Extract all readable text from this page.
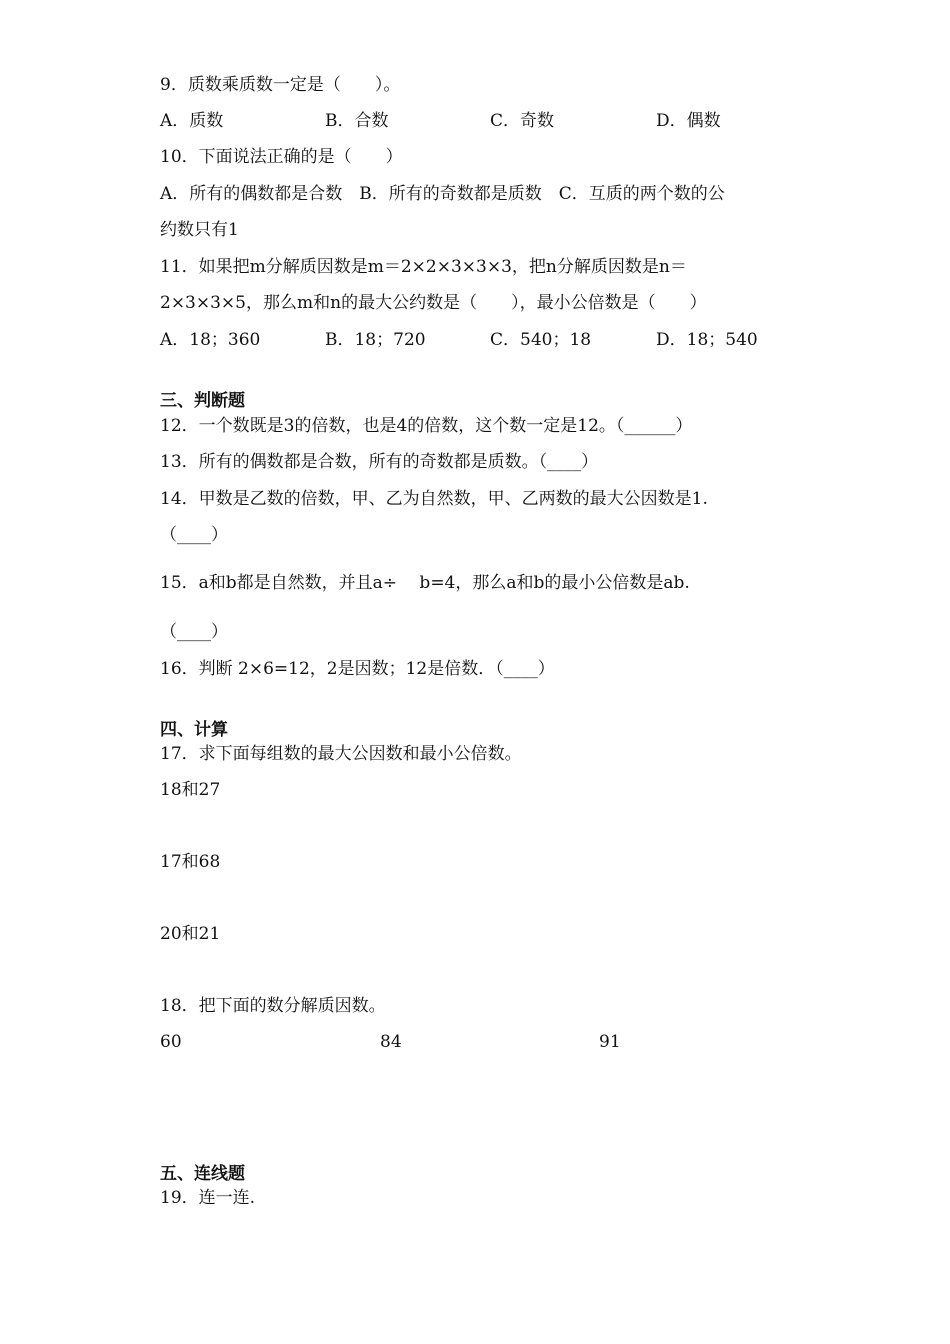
9．质数乘质数一定是（　　）。
A．质数	B．合数	C．奇数	D．偶数
10．下面说法正确的是（　　）
A．所有的偶数都是合数　B．所有的奇数都是质数　C．互质的两个数的公
约数只有1
11．如果把m分解质因数是m＝2×2×3×3×3，把n分解质因数是n＝
2×3×3×5，那么m和n的最大公约数是（　　），最小公倍数是（　　）
A．18；360	B．18；720	C．540；18	D．18；540
三、判断题
12．一个数既是3的倍数，也是4的倍数，这个数一定是12。（______）
13．所有的偶数都是合数，所有的奇数都是质数。（____）
14．甲数是乙数的倍数，甲、乙为自然数，甲、乙两数的最大公因数是1.
（____）
15．a和b都是自然数，并且a÷　 b=4，那么a和b的最小公倍数是ab.
（____）
16．判断 2×6=12，2是因数；12是倍数．（____）
四、计算
17．求下面每组数的最大公因数和最小公倍数。
18和27
17和68
20和21
18．把下面的数分解质因数。
60	84	91
五、连线题
19．连一连.
